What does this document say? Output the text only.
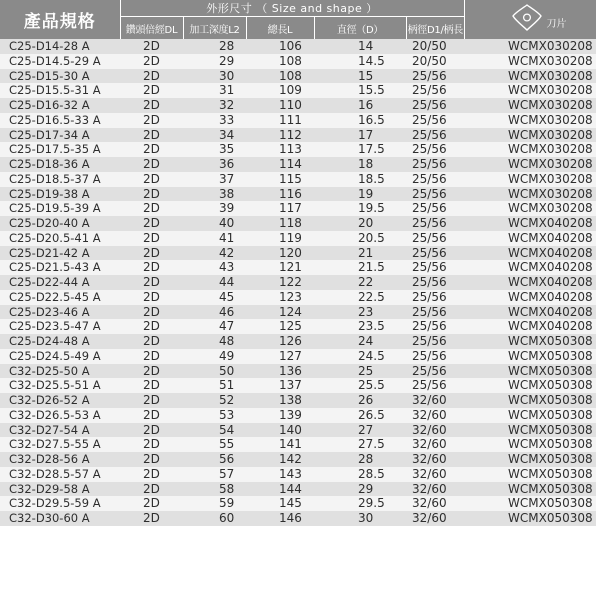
產品規格	外形尺寸 （ Size and shape ）					刀片

	鑽頭倍經DL	加工深度L2	總長L	直徑（D）	柄徑D1/柄長	
C25-D14-28 A	2D	28	106	14	20/50	WCMX030208
C25-D14.5-29 A	2D	29	108	14.5	20/50	WCMX030208
C25-D15-30 A	2D	30	108	15	25/56	WCMX030208
C25-D15.5-31 A	2D	31	109	15.5	25/56	WCMX030208
C25-D16-32 A	2D	32	110	16	25/56	WCMX030208
C25-D16.5-33 A	2D	33	111	16.5	25/56	WCMX030208
C25-D17-34 A	2D	34	112	17	25/56	WCMX030208
C25-D17.5-35 A	2D	35	113	17.5	25/56	WCMX030208
C25-D18-36 A	2D	36	114	18	25/56	WCMX030208
C25-D18.5-37 A	2D	37	115	18.5	25/56	WCMX030208
C25-D19-38 A	2D	38	116	19	25/56	WCMX030208
C25-D19.5-39 A	2D	39	117	19.5	25/56	WCMX030208
C25-D20-40 A	2D	40	118	20	25/56	WCMX040208
C25-D20.5-41 A	2D	41	119	20.5	25/56	WCMX040208
C25-D21-42 A	2D	42	120	21	25/56	WCMX040208
C25-D21.5-43 A	2D	43	121	21.5	25/56	WCMX040208
C25-D22-44 A	2D	44	122	22	25/56	WCMX040208
C25-D22.5-45 A	2D	45	123	22.5	25/56	WCMX040208
C25-D23-46 A	2D	46	124	23	25/56	WCMX040208
C25-D23.5-47 A	2D	47	125	23.5	25/56	WCMX040208
C25-D24-48 A	2D	48	126	24	25/56	WCMX050308
C25-D24.5-49 A	2D	49	127	24.5	25/56	WCMX050308
C32-D25-50 A	2D	50	136	25	25/56	WCMX050308
C32-D25.5-51 A	2D	51	137	25.5	25/56	WCMX050308
C32-D26-52 A	2D	52	138	26	32/60	WCMX050308
C32-D26.5-53 A	2D	53	139	26.5	32/60	WCMX050308
C32-D27-54 A	2D	54	140	27	32/60	WCMX050308
C32-D27.5-55 A	2D	55	141	27.5	32/60	WCMX050308
C32-D28-56 A	2D	56	142	28	32/60	WCMX050308
C32-D28.5-57 A	2D	57	143	28.5	32/60	WCMX050308
C32-D29-58 A	2D	58	144	29	32/60	WCMX050308
C32-D29.5-59 A	2D	59	145	29.5	32/60	WCMX050308
C32-D30-60 A	2D	60	146	30	32/60	WCMX050308
